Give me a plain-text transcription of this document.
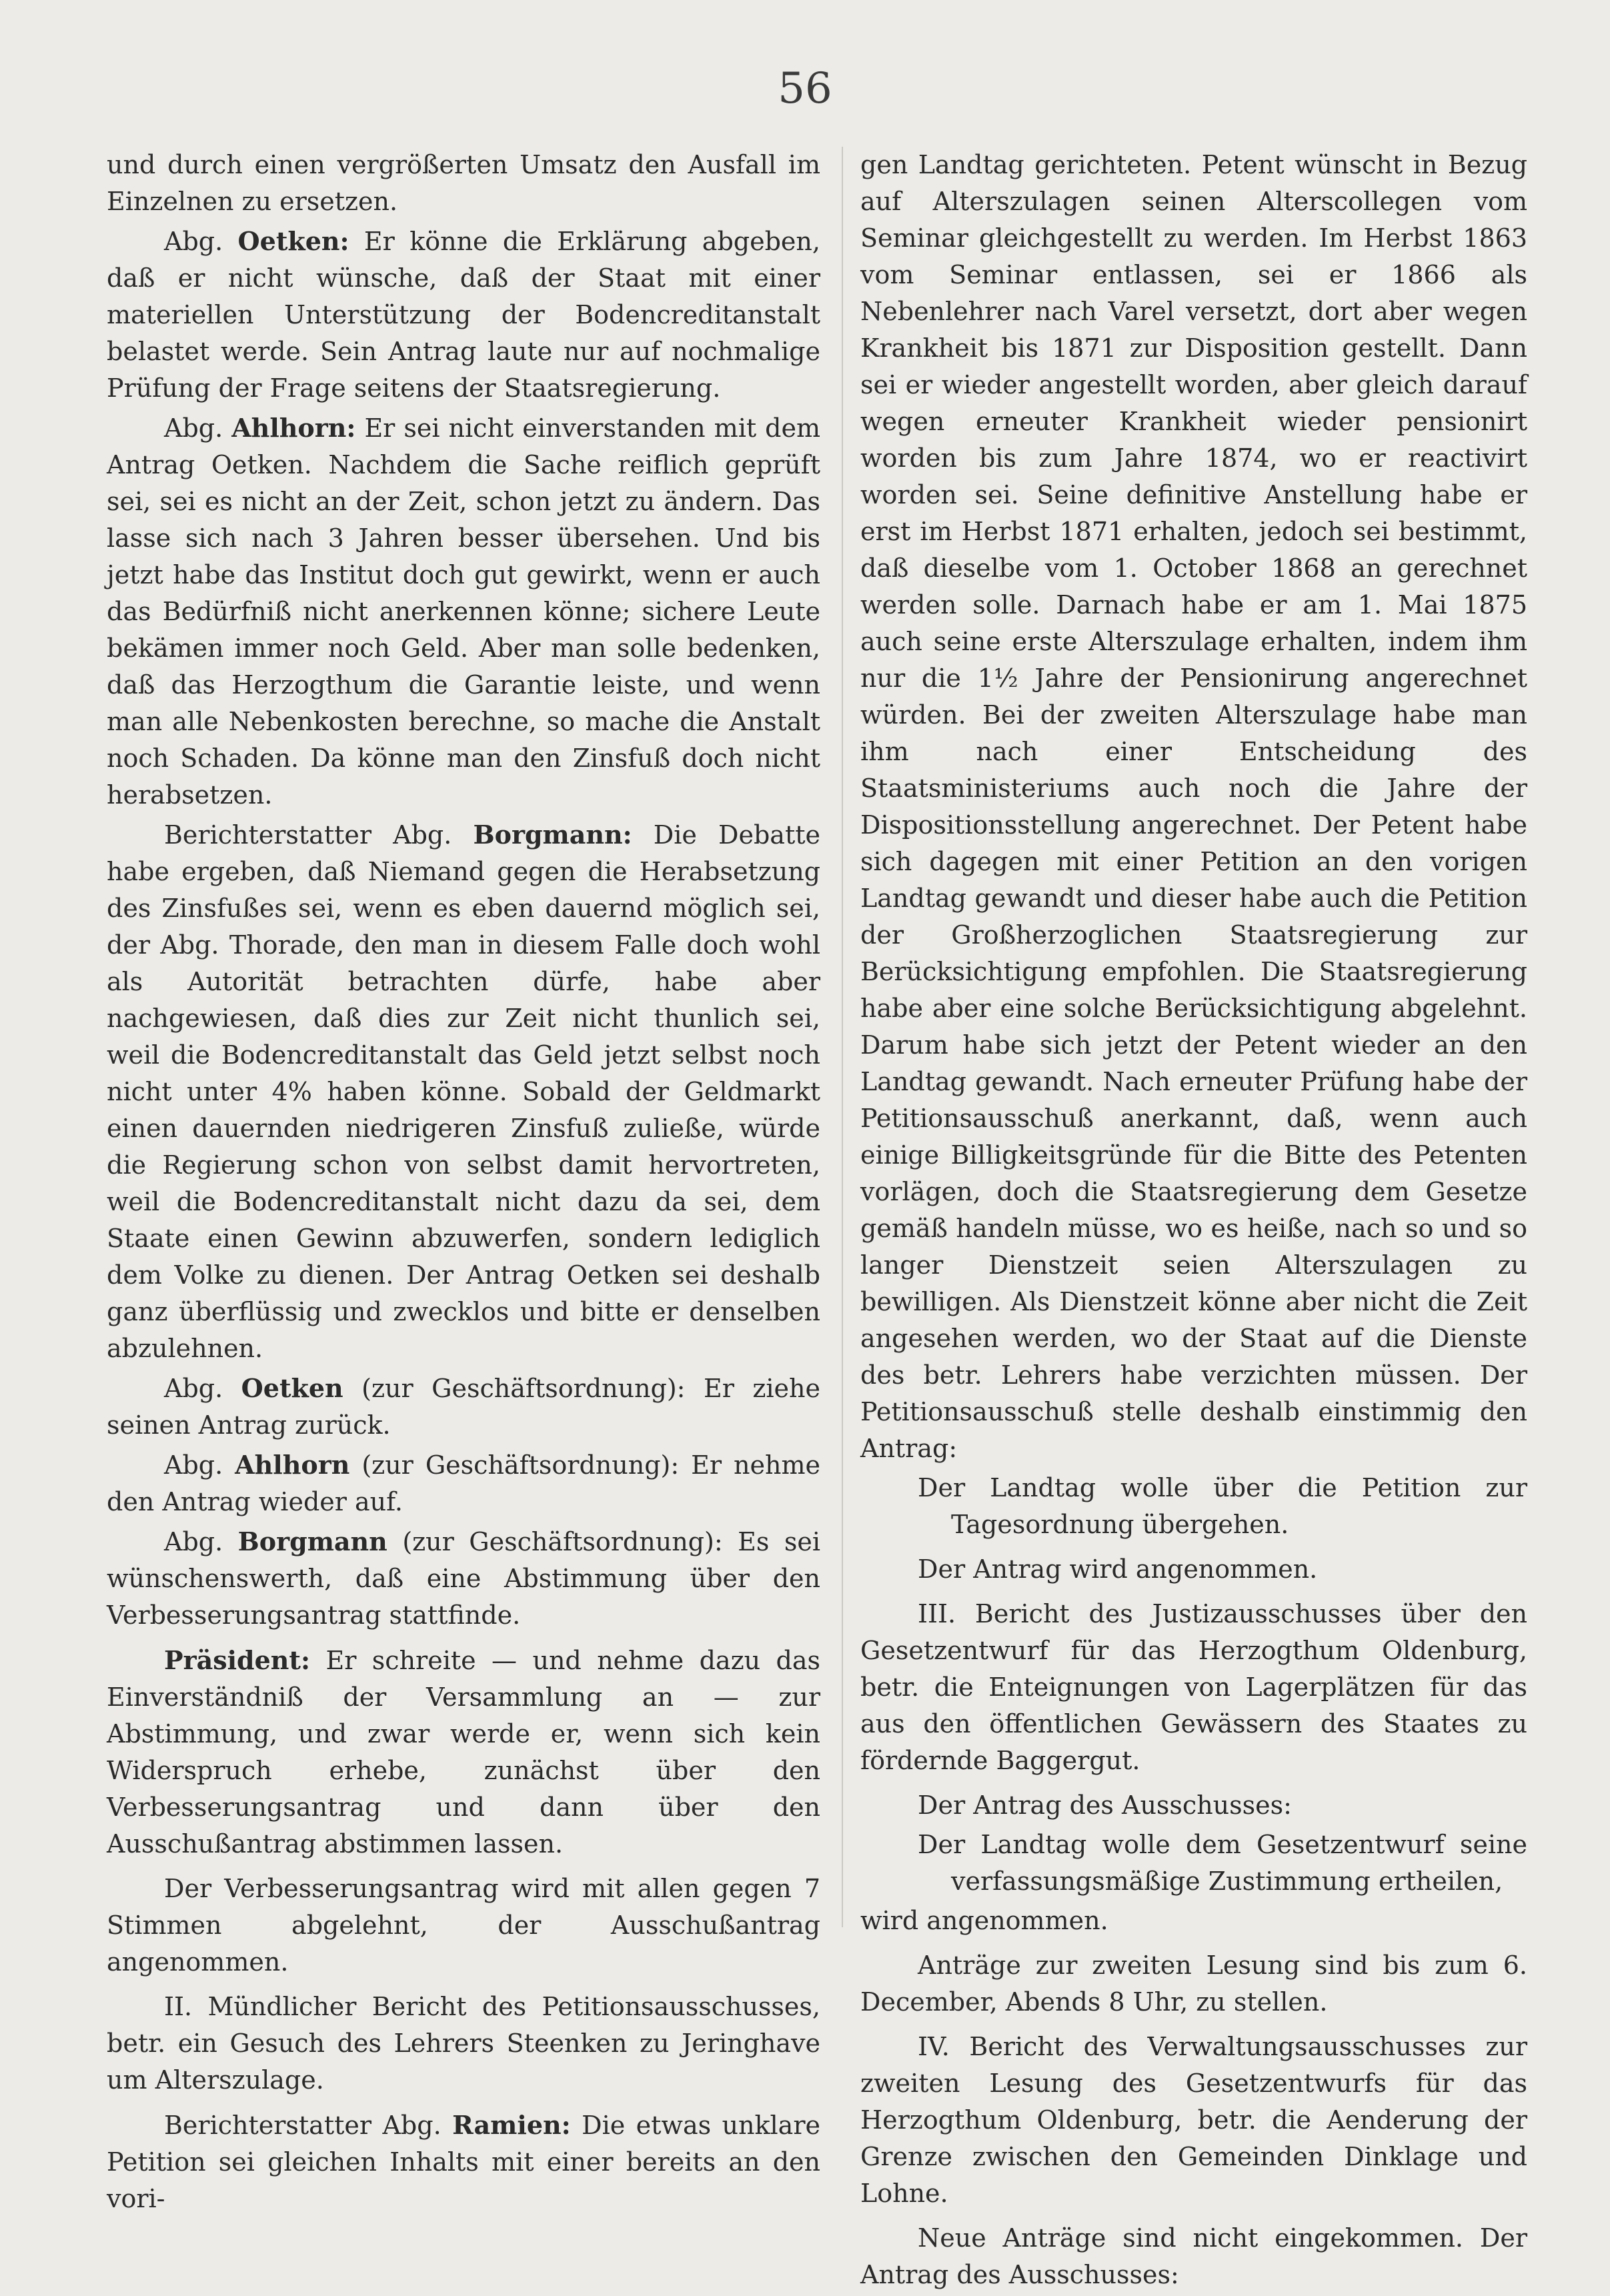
56

und durch einen vergrößerten Umsatz den Ausfall im Einzelnen zu ersetzen.

Abg. Oetken: Er könne die Erklärung abgeben, daß er nicht wünsche, daß der Staat mit einer materiellen Unterstützung der Bodencreditanstalt belastet werde. Sein Antrag laute nur auf nochmalige Prüfung der Frage seitens der Staatsregierung.

Abg. Ahlhorn: Er sei nicht einverstanden mit dem Antrag Oetken. Nachdem die Sache reiflich geprüft sei, sei es nicht an der Zeit, schon jetzt zu ändern. Das lasse sich nach 3 Jahren besser übersehen. Und bis jetzt habe das Institut doch gut gewirkt, wenn er auch das Bedürfniß nicht anerkennen könne; sichere Leute bekämen immer noch Geld. Aber man solle bedenken, daß das Herzogthum die Garantie leiste, und wenn man alle Nebenkosten berechne, so mache die Anstalt noch Schaden. Da könne man den Zinsfuß doch nicht herabsetzen.

Berichterstatter Abg. Borgmann: Die Debatte habe ergeben, daß Niemand gegen die Herabsetzung des Zinsfußes sei, wenn es eben dauernd möglich sei, der Abg. Thorade, den man in diesem Falle doch wohl als Autorität betrachten dürfe, habe aber nachgewiesen, daß dies zur Zeit nicht thunlich sei, weil die Bodencreditanstalt das Geld jetzt selbst noch nicht unter 4% haben könne. Sobald der Geldmarkt einen dauernden niedrigeren Zinsfuß zuließe, würde die Regierung schon von selbst damit hervortreten, weil die Bodencreditanstalt nicht dazu da sei, dem Staate einen Gewinn abzuwerfen, sondern lediglich dem Volke zu dienen. Der Antrag Oetken sei deshalb ganz überflüssig und zwecklos und bitte er denselben abzulehnen.

Abg. Oetken (zur Geschäftsordnung): Er ziehe seinen Antrag zurück.

Abg. Ahlhorn (zur Geschäftsordnung): Er nehme den Antrag wieder auf.

Abg. Borgmann (zur Geschäftsordnung): Es sei wünschenswerth, daß eine Abstimmung über den Verbesserungsantrag stattfinde.

Präsident: Er schreite — und nehme dazu das Einverständniß der Versammlung an — zur Abstimmung, und zwar werde er, wenn sich kein Widerspruch erhebe, zunächst über den Verbesserungsantrag und dann über den Ausschußantrag abstimmen lassen.

Der Verbesserungsantrag wird mit allen gegen 7 Stimmen abgelehnt, der Ausschußantrag angenommen.

II. Mündlicher Bericht des Petitionsausschusses, betr. ein Gesuch des Lehrers Steenken zu Jeringhave um Alterszulage.

Berichterstatter Abg. Ramien: Die etwas unklare Petition sei gleichen Inhalts mit einer bereits an den vori-

gen Landtag gerichteten. Petent wünscht in Bezug auf Alterszulagen seinen Alterscollegen vom Seminar gleichgestellt zu werden. Im Herbst 1863 vom Seminar entlassen, sei er 1866 als Nebenlehrer nach Varel versetzt, dort aber wegen Krankheit bis 1871 zur Disposition gestellt. Dann sei er wieder angestellt worden, aber gleich darauf wegen erneuter Krankheit wieder pensionirt worden bis zum Jahre 1874, wo er reactivirt worden sei. Seine definitive Anstellung habe er erst im Herbst 1871 erhalten, jedoch sei bestimmt, daß dieselbe vom 1. October 1868 an gerechnet werden solle. Darnach habe er am 1. Mai 1875 auch seine erste Alterszulage erhalten, indem ihm nur die 1½ Jahre der Pensionirung angerechnet würden. Bei der zweiten Alterszulage habe man ihm nach einer Entscheidung des Staatsministeriums auch noch die Jahre der Dispositionsstellung angerechnet. Der Petent habe sich dagegen mit einer Petition an den vorigen Landtag gewandt und dieser habe auch die Petition der Großherzoglichen Staatsregierung zur Berücksichtigung empfohlen. Die Staatsregierung habe aber eine solche Berücksichtigung abgelehnt. Darum habe sich jetzt der Petent wieder an den Landtag gewandt. Nach erneuter Prüfung habe der Petitionsausschuß anerkannt, daß, wenn auch einige Billigkeitsgründe für die Bitte des Petenten vorlägen, doch die Staatsregierung dem Gesetze gemäß handeln müsse, wo es heiße, nach so und so langer Dienstzeit seien Alterszulagen zu bewilligen. Als Dienstzeit könne aber nicht die Zeit angesehen werden, wo der Staat auf die Dienste des betr. Lehrers habe verzichten müssen. Der Petitionsausschuß stelle deshalb einstimmig den Antrag:

Der Landtag wolle über die Petition zur Tagesordnung übergehen.

Der Antrag wird angenommen.

III. Bericht des Justizausschusses über den Gesetzentwurf für das Herzogthum Oldenburg, betr. die Enteignungen von Lagerplätzen für das aus den öffentlichen Gewässern des Staates zu fördernde Baggergut.

Der Antrag des Ausschusses:

Der Landtag wolle dem Gesetzentwurf seine verfassungsmäßige Zustimmung ertheilen,

wird angenommen.

Anträge zur zweiten Lesung sind bis zum 6. December, Abends 8 Uhr, zu stellen.

IV. Bericht des Verwaltungsausschusses zur zweiten Lesung des Gesetzentwurfs für das Herzogthum Oldenburg, betr. die Aenderung der Grenze zwischen den Gemeinden Dinklage und Lohne.

Neue Anträge sind nicht eingekommen. Der Antrag des Ausschusses:
